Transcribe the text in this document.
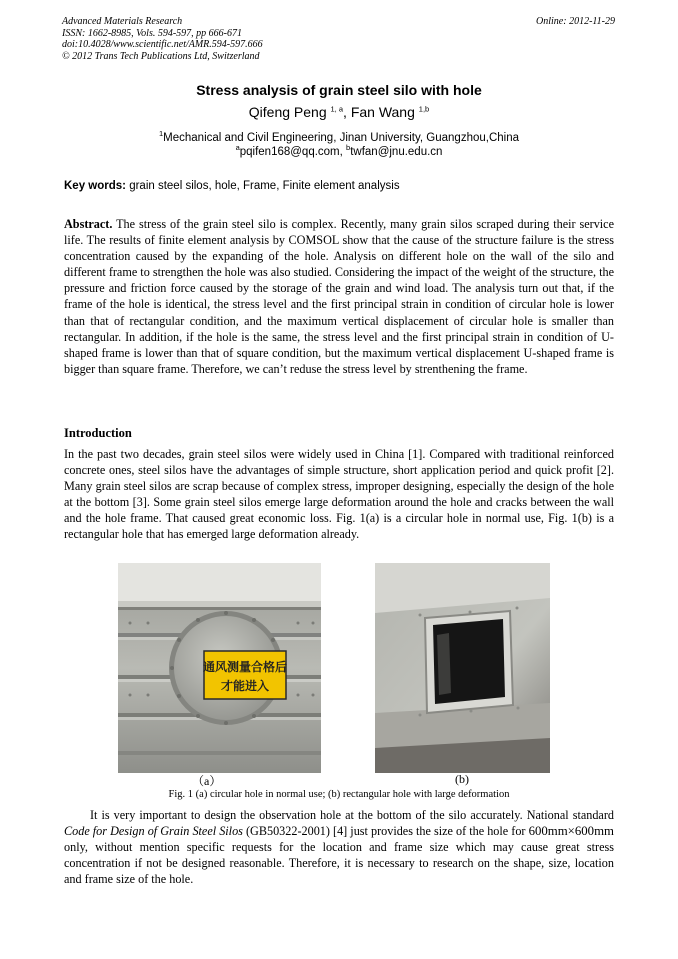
Advanced Materials Research
ISSN: 1662-8985, Vols. 594-597, pp 666-671
doi:10.4028/www.scientific.net/AMR.594-597.666
© 2012 Trans Tech Publications Ltd, Switzerland
Online: 2012-11-29
Stress analysis of grain steel silo with hole
Qifeng Peng $^{1, a}$, Fan Wang $^{1,b}$
$^1$Mechanical and Civil Engineering, Jinan University, Guangzhou,China
$^a$pqifen168@qq.com, $^b$twfan@jnu.edu.cn
Key words: grain steel silos, hole, Frame, Finite element analysis
Abstract. The stress of the grain steel silo is complex. Recently, many grain silos scraped during their service life. The results of finite element analysis by COMSOL show that the cause of the structure failure is the stress concentration caused by the expanding of the hole. Analysis on different hole on the wall of the silo and different frame to strengthen the hole was also studied. Considering the impact of the weight of the structure, the pressure and friction force caused by the storage of the grain and wind load. The analysis turn out that, if the frame of the hole is identical, the stress level and the first principal strain in condition of circular hole is lower than that of rectangular condition, and the maximum vertical displacement of circular hole is smaller than rectangular. In addition, if the hole is the same, the stress level and the first principal strain in condition of U-shaped frame is lower than that of square condition, but the maximum vertical displacement U-shaped frame is bigger than square frame. Therefore, we can’t reduse the stress level by strenthening the frame.
Introduction
In the past two decades, grain steel silos were widely used in China [1]. Compared with traditional reinforced concrete ones, steel silos have the advantages of simple structure, short application period and quick profit [2]. Many grain steel silos are scrap because of complex stress, improper designing, especially the design of the hole at the bottom [3]. Some grain steel silos emerge large deformation around the hole and cracks between the wall and the hole frame. That caused great economic loss. Fig. 1(a) is a circular hole in normal use, Fig. 1(b) is a rectangular hole that has emerged large deformation already.
通风测量合格后
才能进入
（a）	(b)
Fig. 1 (a) circular hole in normal use; (b) rectangular hole with large deformation
It is very important to design the observation hole at the bottom of the silo accurately. National standard Code for Design of Grain Steel Silos (GB50322-2001) [4] just provides the size of the hole for 600mm×600mm only, without mention specific requests for the location and frame size which may cause great stress concentration if not be designed reasonable. Therefore, it is necessary to research on the shape, size, location and frame size of the hole.
